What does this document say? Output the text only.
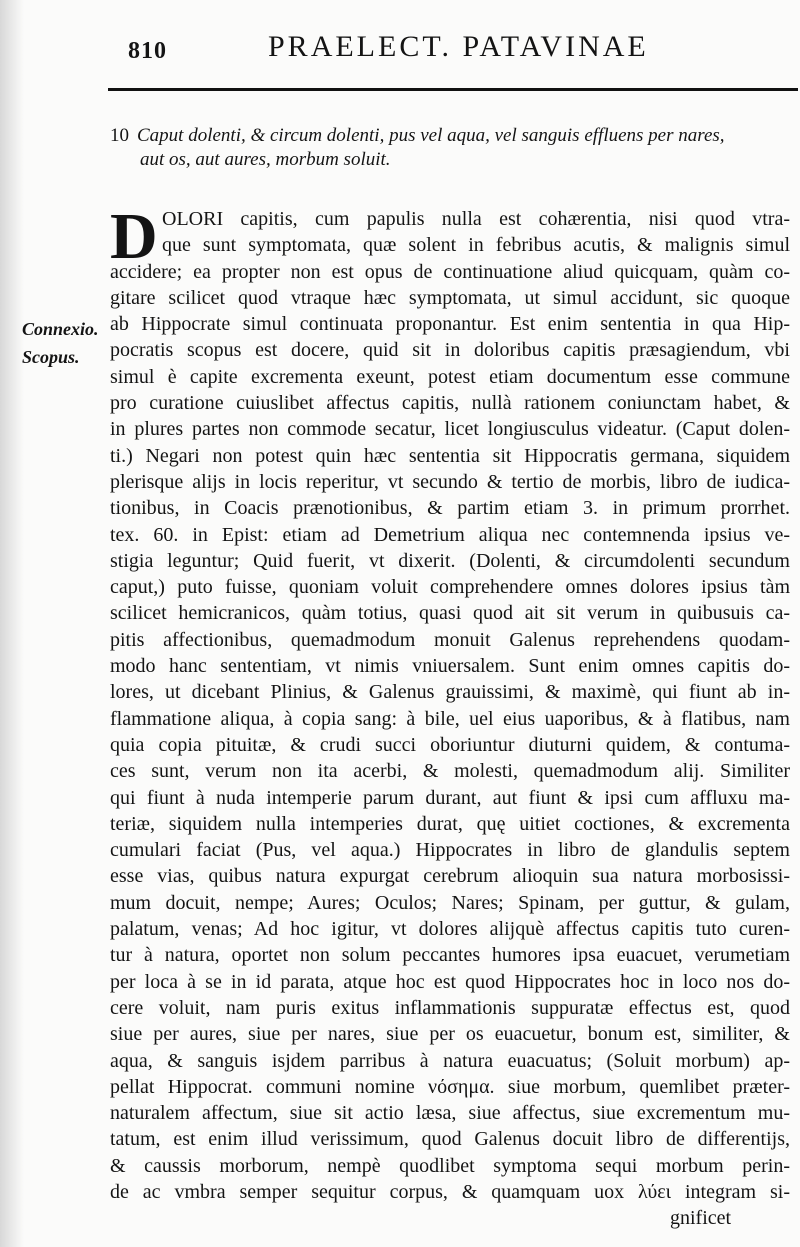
810	PRAELECT. PATAVINAE
10 Caput dolenti, & circum dolenti, pus vel aqua, vel sanguis effluens per nares,
aut os, aut aures, morbum soluit.
Connexio.
Scopus.
D OLORI capitis, cum papulis nulla est cohærentia, nisi quod vtra-
que sunt symptomata, quæ solent in febribus acutis, & malignis simul
accidere; ea propter non est opus de continuatione aliud quicquam, quàm co-
gitare scilicet quod vtraque hæc symptomata, ut simul accidunt, sic quoque
ab Hippocrate simul continuata proponantur. Est enim sententia in qua Hip-
pocratis scopus est docere, quid sit in doloribus capitis præsagiendum, vbi
simul è capite excrementa exeunt, potest etiam documentum esse commune
pro curatione cuiuslibet affectus capitis, nullà rationem coniunctam habet, &
in plures partes non commode secatur, licet longiusculus videatur. (Caput dolen-
ti.) Negari non potest quin hæc sententia sit Hippocratis germana, siquidem
plerisque alijs in locis reperitur, vt secundo & tertio de morbis, libro de iudica-
tionibus, in Coacis prænotionibus, & partim etiam 3. in primum prorrhet.
tex. 60. in Epist: etiam ad Demetrium aliqua nec contemnenda ipsius ve-
stigia leguntur; Quid fuerit, vt dixerit. (Dolenti, & circumdolenti secundum
caput,) puto fuisse, quoniam voluit comprehendere omnes dolores ipsius tàm
scilicet hemicranicos, quàm totius, quasi quod ait sit verum in quibusuis ca-
pitis affectionibus, quemadmodum monuit Galenus reprehendens quodam-
modo hanc sententiam, vt nimis vniuersalem. Sunt enim omnes capitis do-
lores, ut dicebant Plinius, & Galenus grauissimi, & maximè, qui fiunt ab in-
flammatione aliqua, à copia sang: à bile, uel eius uaporibus, & à flatibus, nam
quia copia pituitæ, & crudi succi oboriuntur diuturni quidem, & contuma-
ces sunt, verum non ita acerbi, & molesti, quemadmodum alij. Similiter
qui fiunt à nuda intemperie parum durant, aut fiunt & ipsi cum affluxu ma-
teriæ, siquidem nulla intemperies durat, quę uitiet coctiones, & excrementa
cumulari faciat (Pus, vel aqua.) Hippocrates in libro de glandulis septem
esse vias, quibus natura expurgat cerebrum alioquin sua natura morbosissi-
mum docuit, nempe; Aures; Oculos; Nares; Spinam, per guttur, & gulam,
palatum, venas; Ad hoc igitur, vt dolores alijquè affectus capitis tuto curen-
tur à natura, oportet non solum peccantes humores ipsa euacuet, verumetiam
per loca à se in id parata, atque hoc est quod Hippocrates hoc in loco nos do-
cere voluit, nam puris exitus inflammationis suppuratæ effectus est, quod
siue per aures, siue per nares, siue per os euacuetur, bonum est, similiter, &
aqua, & sanguis isjdem parribus à natura euacuatus; (Soluit morbum) ap-
pellat Hippocrat. communi nomine νόσημα. siue morbum, quemlibet præter-
naturalem affectum, siue sit actio læsa, siue affectus, siue excrementum mu-
tatum, est enim illud verissimum, quod Galenus docuit libro de differentijs,
& caussis morborum, nempè quodlibet symptoma sequi morbum perin-
de ac vmbra semper sequitur corpus, & quamquam uox λύει integram si-
gnificet
